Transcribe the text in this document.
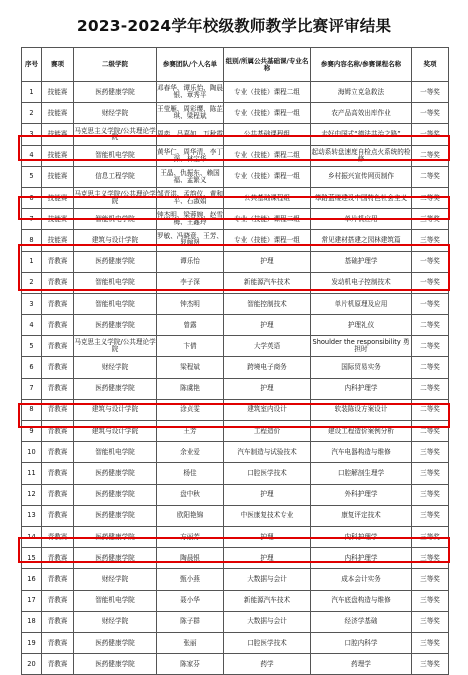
2023-2024学年校级教师教学比赛评审结果
序号	赛项	二级学院	参赛团队/个人名单	组别/所属公共基础课/专业名称	参赛内容名称/参赛课程名称	奖项
1	技能赛	医药健康学院	邓春华、谭乐怡、陶晨银、章秀平	专业（技能）课程二组	海姆立克急救法	一等奖
2	技能赛	财经学院	王莹雁、周彩缨、陈芷琪、梁程斌	专业（技能）课程一组	农产品高效出库作业	一等奖
3	技能赛	马克思主义学院/公共理论学院	周奕、吕嘉如、万秋霞	公共基础课程组	走好中国式“德法共治之路”	一等奖
4	技能赛	智能机电学院	黄华仁、周华清、李丁深、林宝华	专业（技能）课程二组	起动系转盘速度自检点火系统的检修	二等奖
5	技能赛	信息工程学院	王晶、仇振东、赖国福、孟繁义	专业（技能）课程一组	乡村振兴宣传网页制作	二等奖
6	技能赛	马克思主义学院/公共理论学院	邹青洪、孟韵仪、黄和平、石淑娟	公共基础课程组	筚路蓝缕建设中国特色社会主义	二等奖
7	技能赛	智能机电学院	钟杰明、梁蓉婉、赵雪梅、王鑫玲	专业（技能）课程二组	单片机应用	三等奖
8	技能赛	建筑与设计学院	罗敏、冯晓意、王芳、罗婉贤	专业（技能）课程一组	常见建材搭建之园林建筑篇	三等奖
1	青教赛	医药健康学院	谭乐怡	护理	基础护理学	一等奖
2	青教赛	智能机电学院	李子深	新能源汽车技术	发动机电子控制技术	一等奖
3	青教赛	智能机电学院	钟杰明	智能控制技术	单片机原理及应用	一等奖
4	青教赛	医药健康学院	曾露	护理	护理礼仪	二等奖
5	青教赛	马克思主义学院/公共理论学院	卞倩	大学英语	Shoulder the responsibility 勇担时	二等奖
6	青教赛	财经学院	梁程斌	跨境电子商务	国际贸易实务	二等奖
7	青教赛	医药健康学院	陈虞艳	护理	内科护理学	二等奖
8	青教赛	建筑与设计学院	涂贞雯	建筑室内设计	软装陈设方案设计	二等奖
9	青教赛	建筑与设计学院	王芳	工程造价	建设工程造价案例分析	二等奖
10	青教赛	智能机电学院	余业爱	汽车制造与试验技术	汽车电器构造与维修	三等奖
11	青教赛	医药健康学院	杨佳	口腔医学技术	口腔解剖生理学	三等奖
12	青教赛	医药健康学院	盘中秋	护理	外科护理学	三等奖
13	青教赛	医药健康学院	欧阳艳锦	中医康复技术专业	康复评定技术	三等奖
14	青教赛	医药健康学院	方丽芳	护理	内科护理学	三等奖
15	青教赛	医药健康学院	陶晨银	护理	内科护理学	三等奖
16	青教赛	财经学院	甄小燕	大数据与会计	成本会计实务	三等奖
17	青教赛	智能机电学院	聂小华	新能源汽车技术	汽车底盘构造与维修	三等奖
18	青教赛	财经学院	陈子群	大数据与会计	经济学基础	三等奖
19	青教赛	医药健康学院	张丽	口腔医学技术	口腔内科学	三等奖
20	青教赛	医药健康学院	陈家芬	药学	药理学	三等奖
